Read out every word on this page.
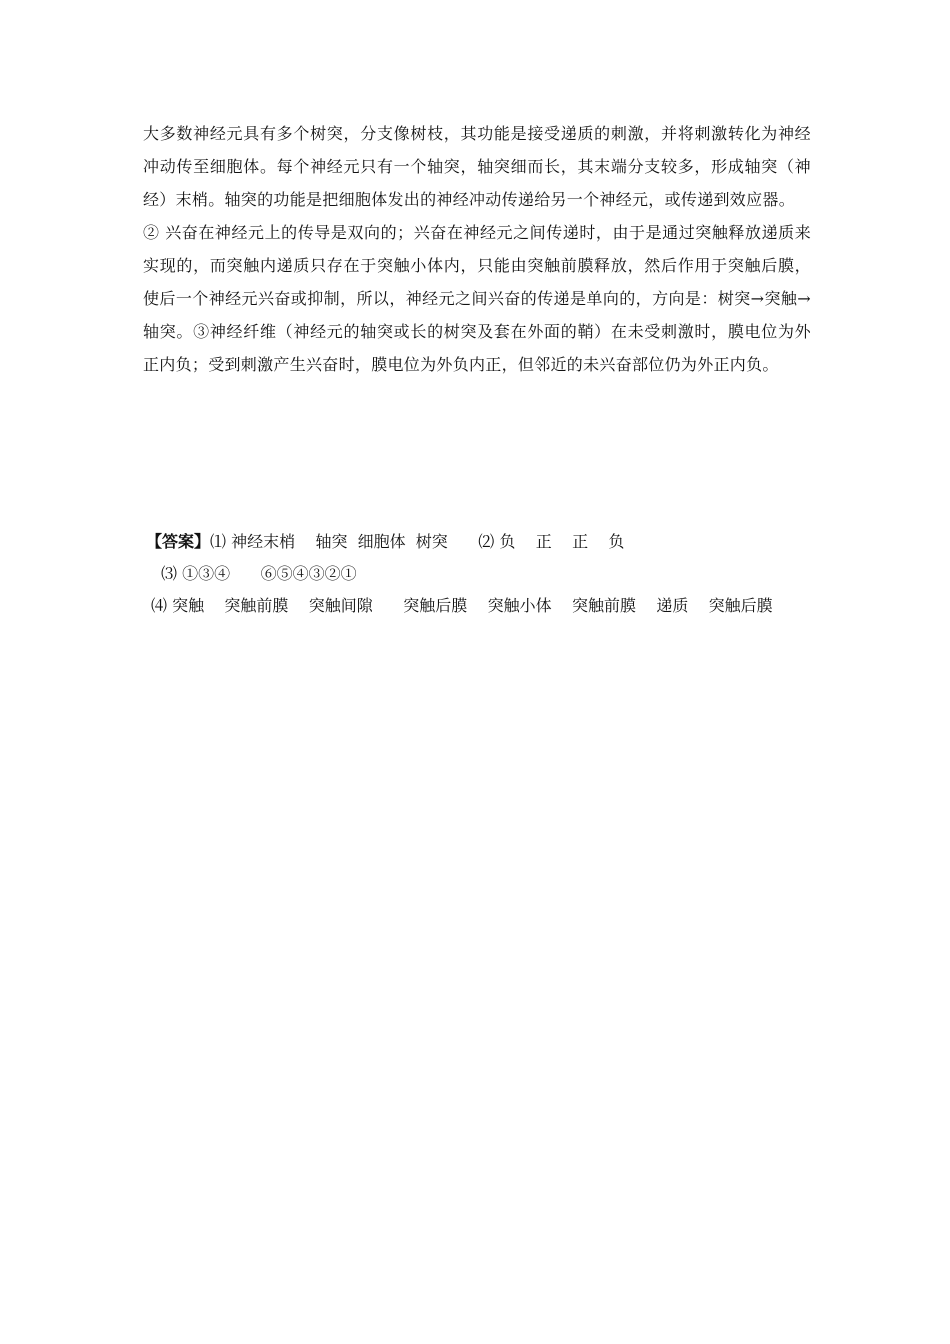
大多数神经元具有多个树突，分支像树枝，其功能是接受递质的刺激，并将刺激转化为神经冲动传至细胞体。每个神经元只有一个轴突，轴突细而长，其末端分支较多，形成轴突（神经）末梢。轴突的功能是把细胞体发出的神经冲动传递给另一个神经元，或传递到效应器。

② 兴奋在神经元上的传导是双向的；兴奋在神经元之间传递时，由于是通过突触释放递质来实现的，而突触内递质只存在于突触小体内，只能由突触前膜释放，然后作用于突触后膜，使后一个神经元兴奋或抑制，所以，神经元之间兴奋的传递是单向的，方向是：树突→突触→轴突。③神经纤维（神经元的轴突或长的树突及套在外面的鞘）在未受刺激时，膜电位为外正内负；受到刺激产生兴奋时，膜电位为外负内正，但邻近的未兴奋部位仍为外正内负。

【答案】⑴ 神经末梢    轴突  细胞体  树突      ⑵ 负    正    正    负
⑶ ①③④      ⑥⑤④③②①
⑷ 突触    突触前膜    突触间隙      突触后膜    突触小体    突触前膜    递质    突触后膜
